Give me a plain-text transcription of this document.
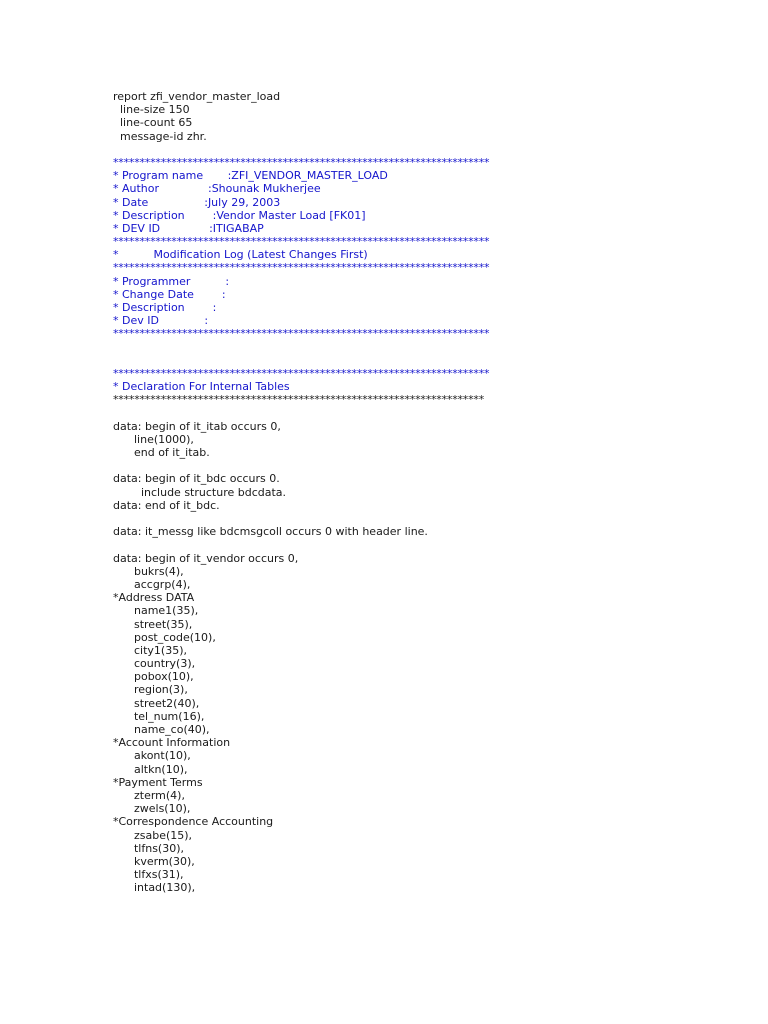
report zfi_vendor_master_load
line-size 150
line-count 65
message-id zhr.
***********************************************************************
* Program name       :ZFI_VENDOR_MASTER_LOAD
* Author              :Shounak Mukherjee
* Date                :July 29, 2003
* Description        :Vendor Master Load [FK01]
* DEV ID              :ITIGABAP
***********************************************************************
*          Modification Log (Latest Changes First)
***********************************************************************
* Programmer          :
* Change Date        :
* Description        :
* Dev ID             :
***********************************************************************
***********************************************************************
* Declaration For Internal Tables
**********************************************************************
data: begin of it_itab occurs 0,
line(1000),
end of it_itab.
data: begin of it_bdc occurs 0.
include structure bdcdata.
data: end of it_bdc.
data: it_messg like bdcmsgcoll occurs 0 with header line.
data: begin of it_vendor occurs 0,
bukrs(4),
accgrp(4),
*Address DATA
name1(35),
street(35),
post_code(10),
city1(35),
country(3),
pobox(10),
region(3),
street2(40),
tel_num(16),
name_co(40),
*Account Information
akont(10),
altkn(10),
*Payment Terms
zterm(4),
zwels(10),
*Correspondence Accounting
zsabe(15),
tlfns(30),
kverm(30),
tlfxs(31),
intad(130),
